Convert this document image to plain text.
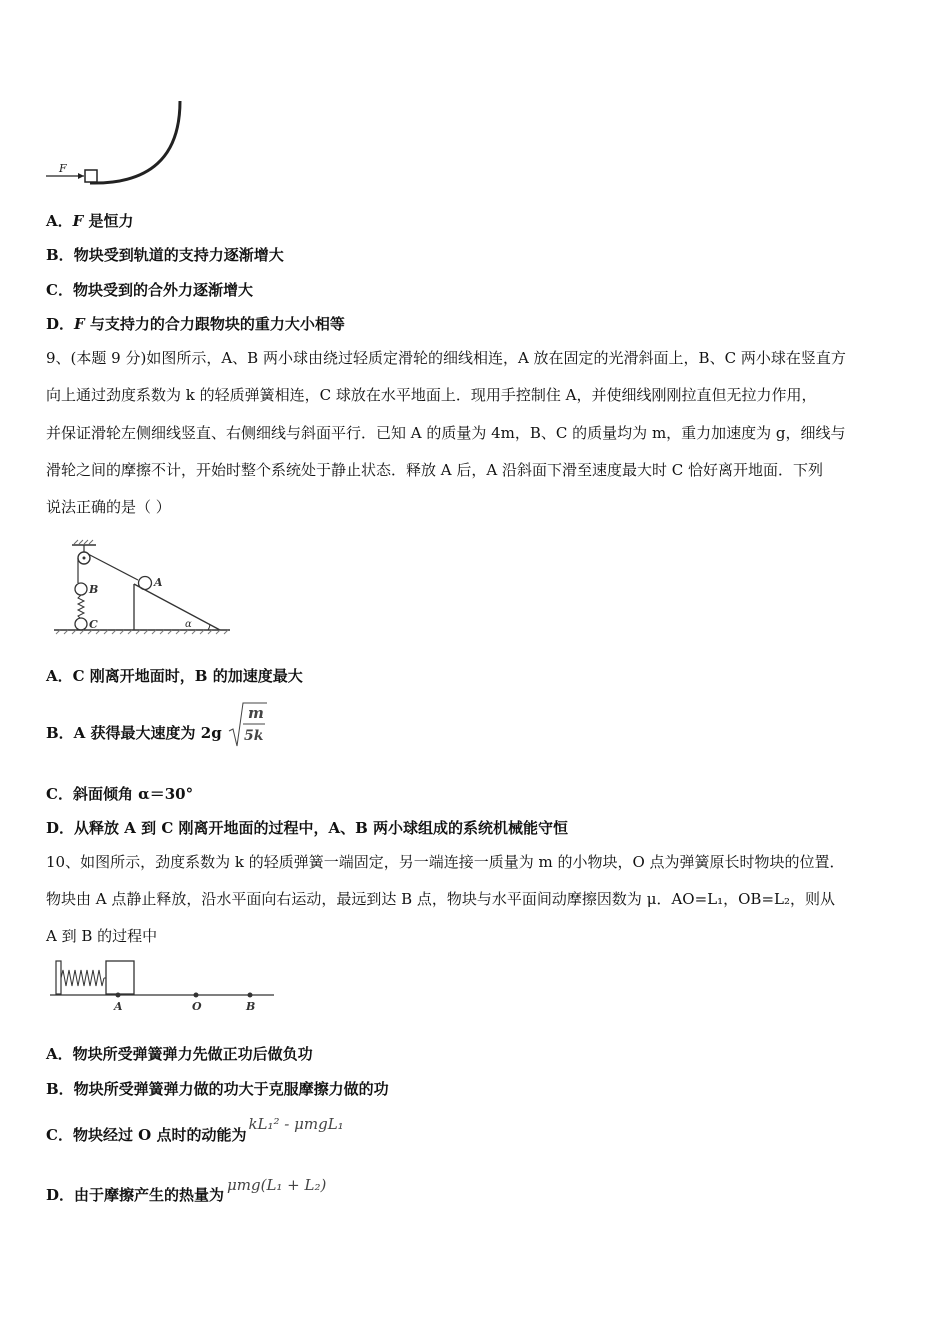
F
A．F 是恒力
B．物块受到轨道的支持力逐渐增大
C．物块受到的合外力逐渐增大
D．F 与支持力的合力跟物块的重力大小相等
9、(本题 9 分)如图所示，A、B 两小球由绕过轻质定滑轮的细线相连，A 放在固定的光滑斜面上，B、C 两小球在竖直方
向上通过劲度系数为 k 的轻质弹簧相连，C 球放在水平地面上．现用手控制住 A，并使细线刚刚拉直但无拉力作用，
并保证滑轮左侧细线竖直、右侧细线与斜面平行．已知 A 的质量为 4m，B、C 的质量均为 m，重力加速度为 g，细线与
滑轮之间的摩擦不计，开始时整个系统处于静止状态．释放 A 后，A 沿斜面下滑至速度最大时 C 恰好离开地面．下列
说法正确的是（ ）
B
C
A
α
A．C 刚离开地面时，B 的加速度最大
B．A 获得最大速度为 2g
m
5k
C．斜面倾角 α＝30°
D．从释放 A 到 C 刚离开地面的过程中，A、B 两小球组成的系统机械能守恒
10、如图所示，劲度系数为 k 的轻质弹簧一端固定，另一端连接一质量为 m 的小物块，O 点为弹簧原长时物块的位置．
物块由 A 点静止释放，沿水平面向右运动，最远到达 B 点，物块与水平面间动摩擦因数为 μ．AO=L₁，OB=L₂，则从
A 到 B 的过程中
A	O	B
A．物块所受弹簧弹力先做正功后做负功
B．物块所受弹簧弹力做的功大于克服摩擦力做的功
C．物块经过 O 点时的动能为kL₁² - μmgL₁
D．由于摩擦产生的热量为μmg(L₁ + L₂)
